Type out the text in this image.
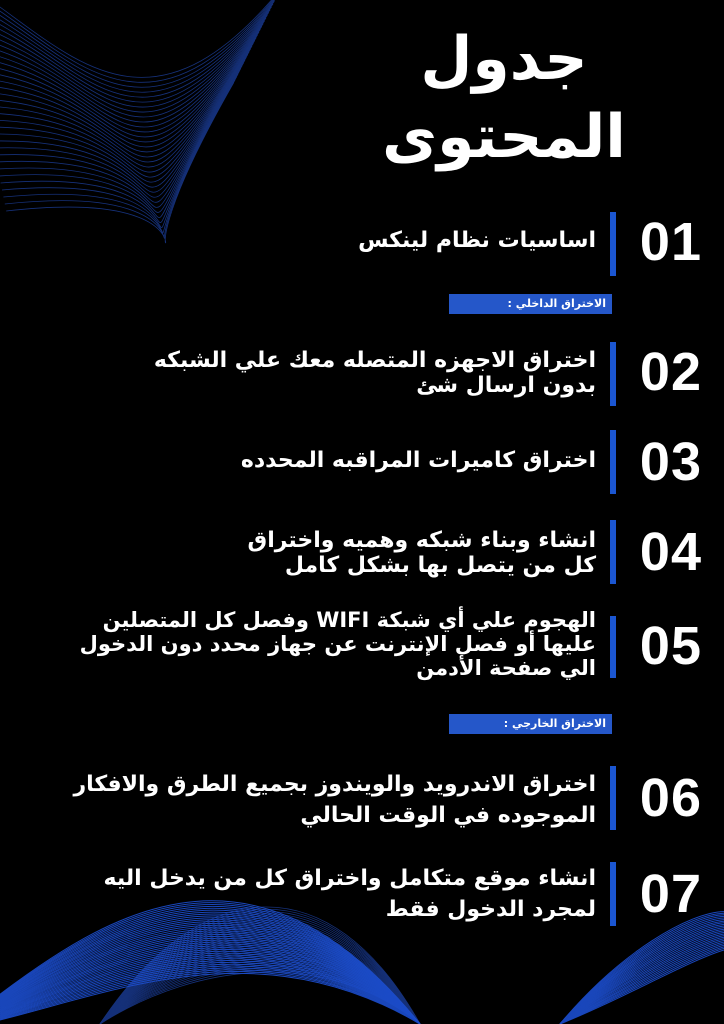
جدول
المحتوى
01
اساسيات نظام لينكس
الاختراق الداخلي :
02
اختراق الاجهزه المتصله معك علي الشبكه
بدون ارسال شئ
03
اختراق كاميرات المراقبه المحدده
04
انشاء وبناء شبكه وهميه واختراق
كل من يتصل بها بشكل كامل
05
الهجوم علي أي شبكة WIFI وفصل كل المتصلين
عليها أو فصل الإنترنت عن جهاز محدد دون الدخول
الي صفحة الأدمن
الاختراق الخارجي :
06
اختراق الاندرويد والويندوز بجميع الطرق والافكار
الموجوده في الوقت الحالي
07
انشاء موقع متكامل واختراق كل من يدخل اليه
لمجرد الدخول فقط
